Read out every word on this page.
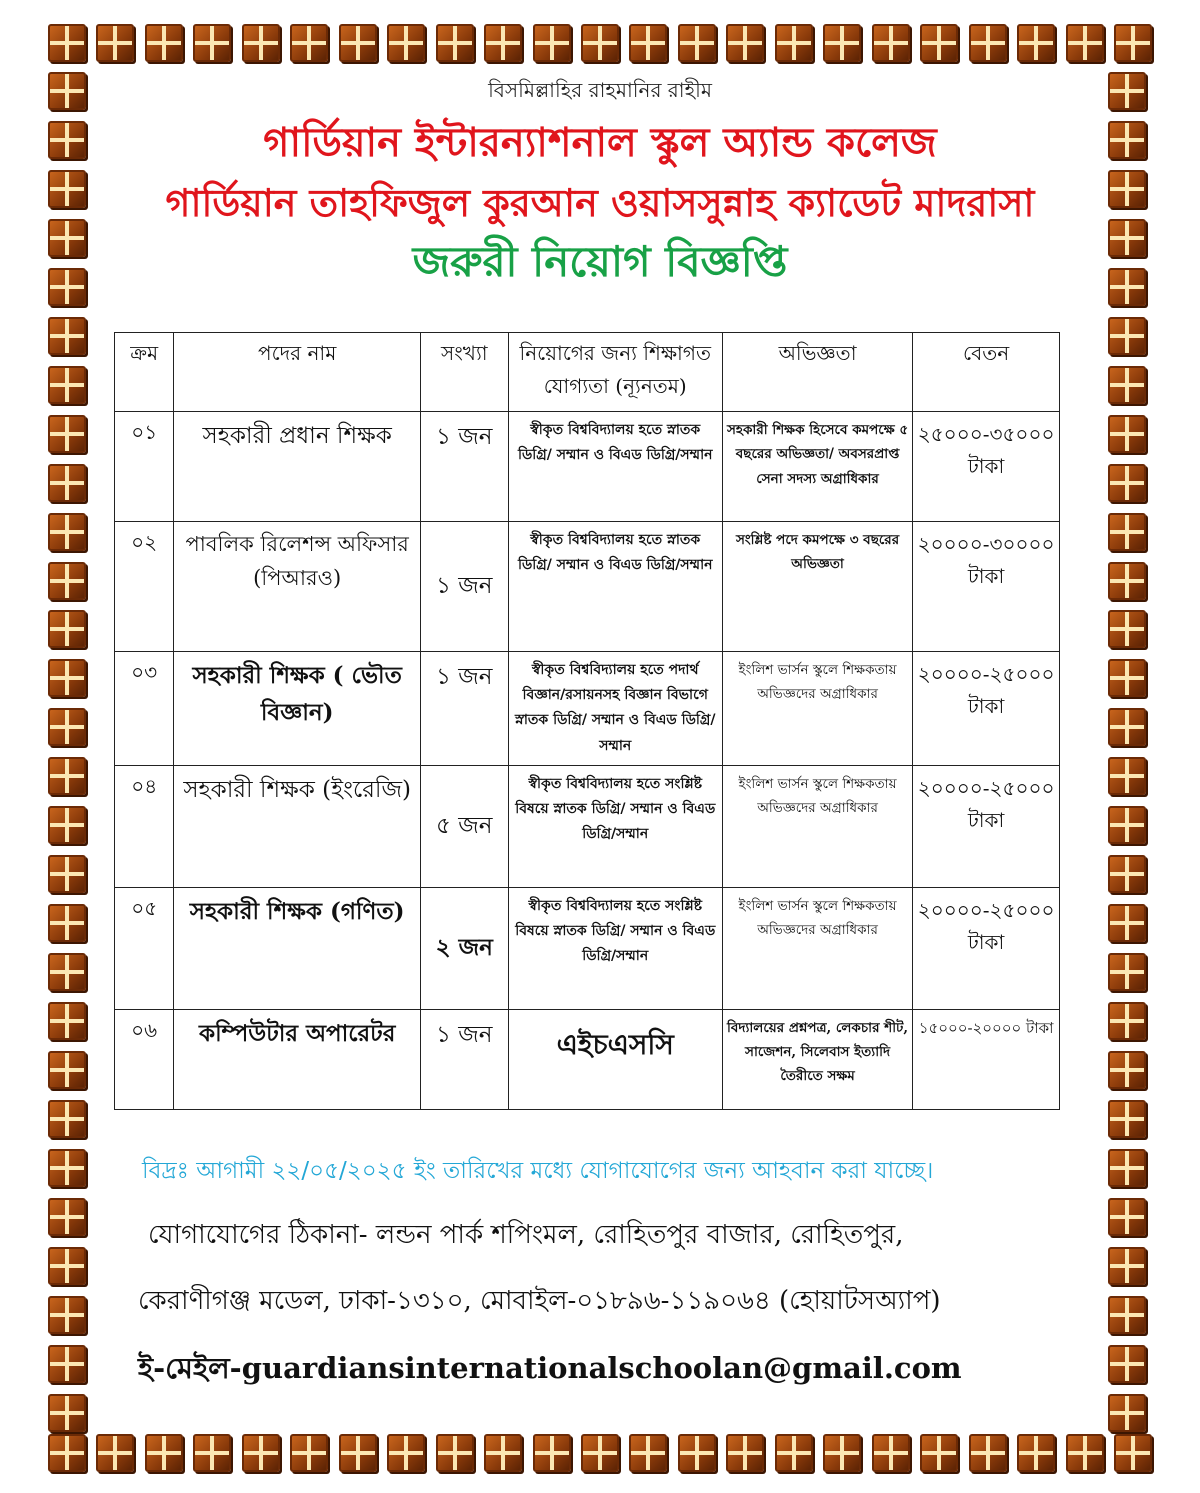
বিসমিল্লাহির রাহমানির রাহীম
গার্ডিয়ান ইন্টারন্যাশনাল স্কুল অ্যান্ড কলেজ
গার্ডিয়ান তাহফিজুল কুরআন ওয়াসসুন্নাহ ক্যাডেট মাদরাসা
জরুরী নিয়োগ বিজ্ঞপ্তি
ক্রম	পদের নাম	সংখ্যা	নিয়োগের জন্য শিক্ষাগত যোগ্যতা (ন্যূনতম)	অভিজ্ঞতা	বেতন
০১	সহকারী প্রধান শিক্ষক	১ জন	স্বীকৃত বিশ্ববিদ্যালয় হতে স্নাতক ডিগ্রি/ সম্মান ও বিএড ডিগ্রি/সম্মান	সহকারী শিক্ষক হিসেবে কমপক্ষে ৫ বছরের অভিজ্ঞতা/ অবসরপ্রাপ্ত সেনা সদস্য অগ্রাধিকার	২৫০০০-৩৫০০০ টাকা
০২	পাবলিক রিলেশন্স অফিসার (পিআরও)	১ জন	স্বীকৃত বিশ্ববিদ্যালয় হতে স্নাতক ডিগ্রি/ সম্মান ও বিএড ডিগ্রি/সম্মান	সংশ্লিষ্ট পদে কমপক্ষে ৩ বছরের অভিজ্ঞতা	২০০০০-৩০০০০ টাকা
০৩	সহকারী শিক্ষক ( ভৌত বিজ্ঞান)	১ জন	স্বীকৃত বিশ্ববিদ্যালয় হতে পদার্থ বিজ্ঞান/রসায়নসহ বিজ্ঞান বিভাগে স্নাতক ডিগ্রি/ সম্মান ও বিএড ডিগ্রি/সম্মান	ইংলিশ ভার্সন স্কুলে শিক্ষকতায় অভিজ্ঞদের অগ্রাধিকার	২০০০০-২৫০০০ টাকা
০৪	সহকারী শিক্ষক (ইংরেজি)	৫ জন	স্বীকৃত বিশ্ববিদ্যালয় হতে সংশ্লিষ্ট বিষয়ে স্নাতক ডিগ্রি/ সম্মান ও বিএড ডিগ্রি/সম্মান	ইংলিশ ভার্সন স্কুলে শিক্ষকতায় অভিজ্ঞদের অগ্রাধিকার	২০০০০-২৫০০০ টাকা
০৫	সহকারী শিক্ষক (গণিত)	২ জন	স্বীকৃত বিশ্ববিদ্যালয় হতে সংশ্লিষ্ট বিষয়ে স্নাতক ডিগ্রি/ সম্মান ও বিএড ডিগ্রি/সম্মান	ইংলিশ ভার্সন স্কুলে শিক্ষকতায় অভিজ্ঞদের অগ্রাধিকার	২০০০০-২৫০০০ টাকা
০৬	কম্পিউটার অপারেটর	১ জন	এইচএসসি	বিদ্যালয়ের প্রশ্নপত্র, লেকচার শীট, সাজেশন, সিলেবাস ইত্যাদি তৈরীতে সক্ষম	১৫০০০-২০০০০ টাকা
বিদ্রঃ আগামী ২২/০৫/২০২৫ ইং তারিখের মধ্যে যোগাযোগের জন্য আহবান করা যাচ্ছে।
যোগাযোগের ঠিকানা- লন্ডন পার্ক শপিংমল, রোহিতপুর বাজার, রোহিতপুর,
কেরাণীগঞ্জ মডেল, ঢাকা-১৩১০, মোবাইল-০১৮৯৬-১১৯০৬৪ (হোয়াটসঅ্যাপ)
ই-মেইল-guardiansinternationalschoolan@gmail.com
